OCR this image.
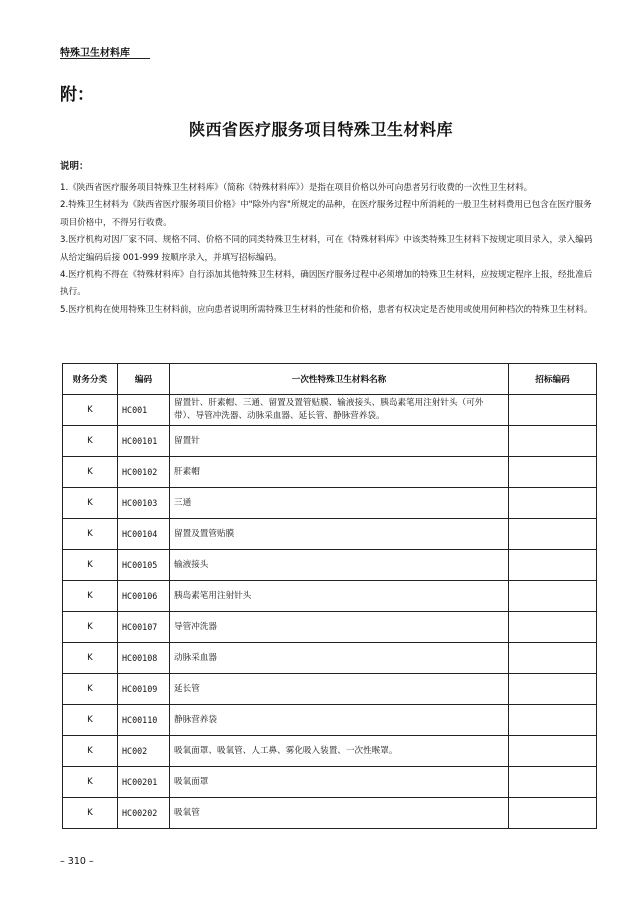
特殊卫生材料库
附：
陕西省医疗服务项目特殊卫生材料库
说明：

1.《陕西省医疗服务项目特殊卫生材料库》（简称《特殊材料库》）是指在项目价格以外可向患者另行收费的一次性卫生材料。

2.特殊卫生材料为《陕西省医疗服务项目价格》中"除外内容"所规定的品种，在医疗服务过程中所消耗的一般卫生材料费用已包含在医疗服务项目价格中，不得另行收费。

3.医疗机构对因厂家不同、规格不同、价格不同的同类特殊卫生材料，可在《特殊材料库》中该类特殊卫生材料下按规定项目录入，录入编码从给定编码后接 001-999 按顺序录入，并填写招标编码。

4.医疗机构不得在《特殊材料库》自行添加其他特殊卫生材料，确因医疗服务过程中必须增加的特殊卫生材料，应按规定程序上报，经批准后执行。

5.医疗机构在使用特殊卫生材料前，应向患者说明所需特殊卫生材料的性能和价格，患者有权决定是否使用或使用何种档次的特殊卫生材料。

财务分类	编码	一次性特殊卫生材料名称	招标编码
K	HC001	留置针、肝素帽、三通、留置及置管贴膜、输液接头、胰岛素笔用注射针头（可外带）、导管冲洗器、动脉采血器、延长管、静脉营养袋。	
K	HC00101	留置针	
K	HC00102	肝素帽	
K	HC00103	三通	
K	HC00104	留置及置管贴膜	
K	HC00105	输液接头	
K	HC00106	胰岛素笔用注射针头	
K	HC00107	导管冲洗器	
K	HC00108	动脉采血器	
K	HC00109	延长管	
K	HC00110	静脉营养袋	
K	HC002	吸氧面罩、吸氧管、人工鼻、雾化吸入装置、一次性喉罩。	
K	HC00201	吸氧面罩	
K	HC00202	吸氧管	
– 310 –
